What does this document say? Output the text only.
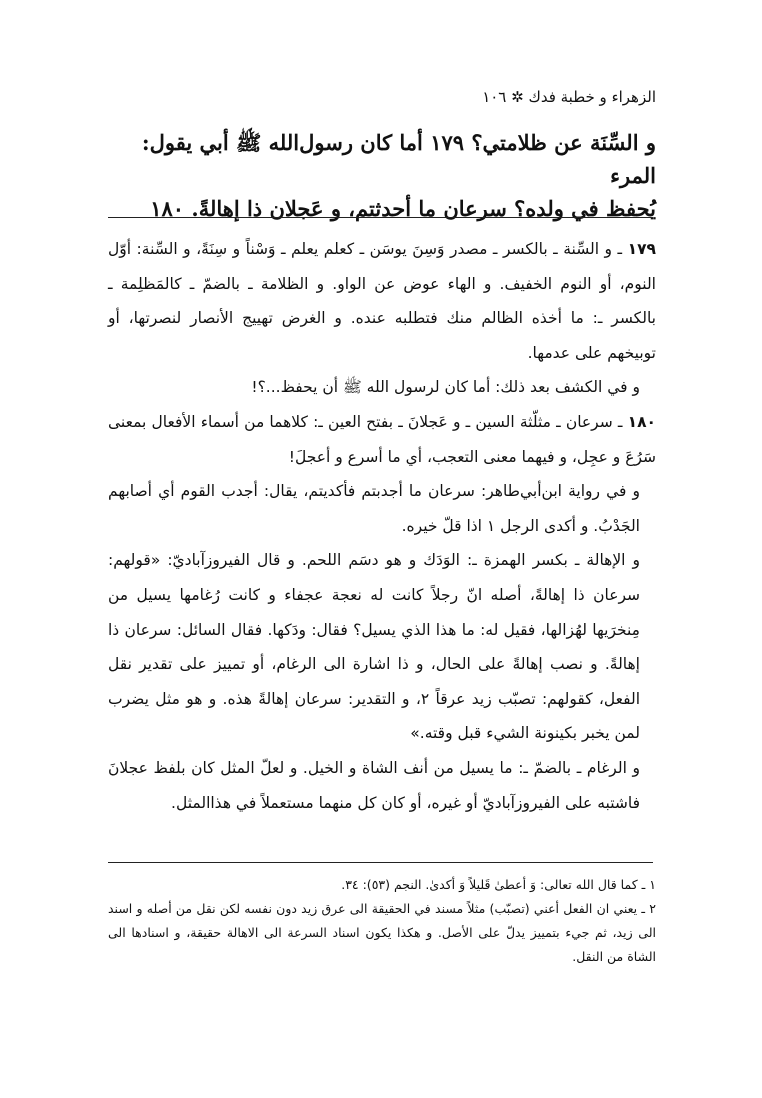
الزهراء و خطبة فدك ✲ ١٠٦
و السِّنَة عن ظلامتي؟ ١٧٩ أما كان رسول‌الله ﷺ أبي يقول: المرء
يُحفظ في ولده؟ سرعان ما أحدثتم، و عَجلان ذا إهالةً. ١٨٠

١٧٩ ـ و السِّنة ـ بالكسر ـ مصدر وَسِنَ يوسَن ـ كعلم يعلم ـ وَسْناً و سِنَةً، و السِّنة: أوّل النوم، أو النوم الخفيف. و الهاء عوض عن الواو. و الظلامة ـ بالضمّ ـ كالمَظلِمة ـ بالكسر ـ: ما أخذه الظالم منك فتطلبه عنده. و الغرض تهييج الأنصار لنصرتها، أو توبيخهم على عدمها.

و في الكشف بعد ذلك: أما كان لرسول الله ﷺ أن يحفظ...؟!

١٨٠ ـ سرعان ـ مثلّثة السين ـ و عَجلانَ ـ بفتح العين ـ: كلاهما من أسماء الأفعال بمعنى سَرُعَ و عجِل، و فيهما معنى التعجب، أي ما أسرع و أعجلَ!

و في رواية ابن‌أبي‌طاهر: سرعان ما أجدبتم فأكديتم، يقال: أجدب القوم أي أصابهم الجَدْبُ. و أكدى الرجل ١ اذا قلّ خيره.

و الإهالة ـ بكسر الهمزة ـ: الوَدَك و هو دسَم اللحم. و قال الفيروزآباديّ: «قولهم: سرعان ذا إهالةً، أصله انّ رجلاً كانت له نعجة عجفاء و كانت رُغامها يسيل من مِنخرَيها لهُزالها، فقيل له: ما هذا الذي يسيل؟ فقال: ودَكها. فقال السائل: سرعان ذا إهالةً. و نصب إهالةً على الحال، و ذا اشارة الى الرغام، أو تمييز على تقدير نقل الفعل، كقولهم: تصبّب زيد عرقاً ٢، و التقدير: سرعان إهالةً هذه. و هو مثل يضرب لمن يخبر بكينونة الشيء قبل وقته.»

و الرغام ـ بالضمّ ـ: ما يسيل من أنف الشاة و الخيل. و لعلّ المثل كان بلفظ عجلانَ فاشتبه على الفيروزآباديّ أو غيره، أو كان كل منهما مستعملاً في هذاالمثل.

١ ـ كما قال الله تعالى: وَ أعطىٰ قَليلاً وَ أكدىٰ. النجم (٥٣): ٣٤.

٢ ـ يعني ان الفعل أعني (تصبّب) مثلاً مسند في الحقيقة الى عرق زيد دون نفسه لكن نقل من أصله و اسند الى زيد، ثم جيء بتمييز يدلّ على الأصل. و هكذا يكون اسناد السرعة الى الاهالة حقيقة، و اسنادها الى الشاة من النقل.
